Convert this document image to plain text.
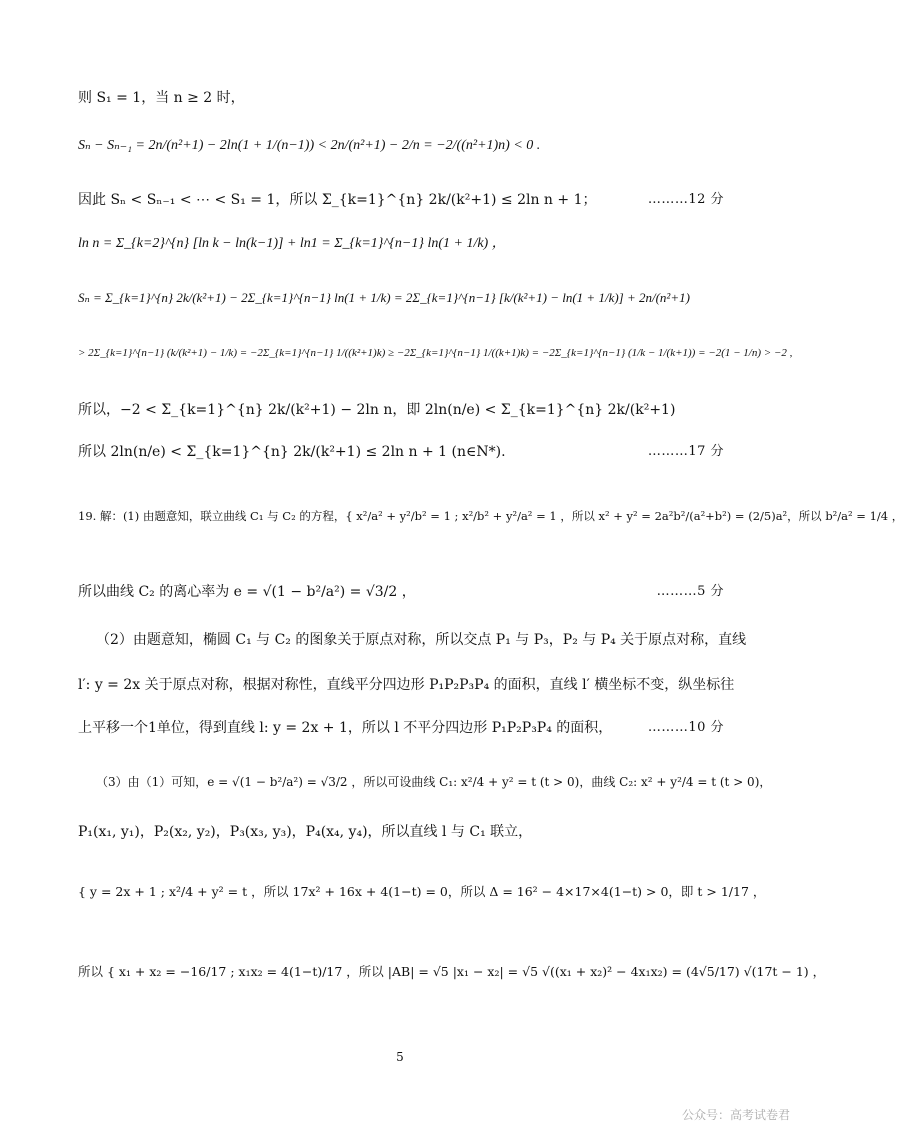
则 S₁ = 1，当 n ≥ 2 时，
Sₙ − Sₙ₋₁ = 2n/(n²+1) − 2ln(1 + 1/(n−1)) < 2n/(n²+1) − 2/n = −2/((n²+1)n) < 0 .
因此 Sₙ < Sₙ₋₁ < ⋯ < S₁ = 1，所以 Σ_{k=1}^{n} 2k/(k²+1) ≤ 2ln n + 1；	………12 分
ln n = Σ_{k=2}^{n} [ln k − ln(k−1)] + ln1 = Σ_{k=1}^{n−1} ln(1 + 1/k) ，
Sₙ = Σ_{k=1}^{n} 2k/(k²+1) − 2Σ_{k=1}^{n−1} ln(1 + 1/k) = 2Σ_{k=1}^{n−1} [k/(k²+1) − ln(1 + 1/k)] + 2n/(n²+1)
> 2Σ_{k=1}^{n−1} (k/(k²+1) − 1/k) = −2Σ_{k=1}^{n−1} 1/((k²+1)k) ≥ −2Σ_{k=1}^{n−1} 1/((k+1)k) = −2Σ_{k=1}^{n−1} (1/k − 1/(k+1)) = −2(1 − 1/n) > −2 ,
所以，−2 < Σ_{k=1}^{n} 2k/(k²+1) − 2ln n，即 2ln(n/e) < Σ_{k=1}^{n} 2k/(k²+1)
所以 2ln(n/e) < Σ_{k=1}^{n} 2k/(k²+1) ≤ 2ln n + 1 (n∈N*).	………17 分
19. 解：(1) 由题意知，联立曲线 C₁ 与 C₂ 的方程，{ x²/a² + y²/b² = 1 ; x²/b² + y²/a² = 1 ，所以 x² + y² = 2a²b²/(a²+b²) = (2/5)a²，所以 b²/a² = 1/4 ，
所以曲线 C₂ 的离心率为 e = √(1 − b²/a²) = √3/2 ，	………5 分
（2）由题意知，椭圆 C₁ 与 C₂ 的图象关于原点对称，所以交点 P₁ 与 P₃，P₂ 与 P₄ 关于原点对称，直线
l′: y = 2x 关于原点对称，根据对称性，直线平分四边形 P₁P₂P₃P₄ 的面积，直线 l′ 横坐标不变，纵坐标往
上平移一个1单位，得到直线 l: y = 2x + 1，所以 l 不平分四边形 P₁P₂P₃P₄ 的面积，	………10 分
（3）由（1）可知，e = √(1 − b²/a²) = √3/2 ，所以可设曲线 C₁: x²/4 + y² = t (t > 0)，曲线 C₂: x² + y²/4 = t (t > 0)，
P₁(x₁, y₁)，P₂(x₂, y₂)，P₃(x₃, y₃)，P₄(x₄, y₄)，所以直线 l 与 C₁ 联立，
{ y = 2x + 1 ; x²/4 + y² = t ，所以 17x² + 16x + 4(1−t) = 0，所以 Δ = 16² − 4×17×4(1−t) > 0，即 t > 1/17 ，
所以 { x₁ + x₂ = −16/17 ; x₁x₂ = 4(1−t)/17 ，所以 |AB| = √5 |x₁ − x₂| = √5 √((x₁ + x₂)² − 4x₁x₂) = (4√5/17) √(17t − 1) ，
5
公众号：高考试卷君
